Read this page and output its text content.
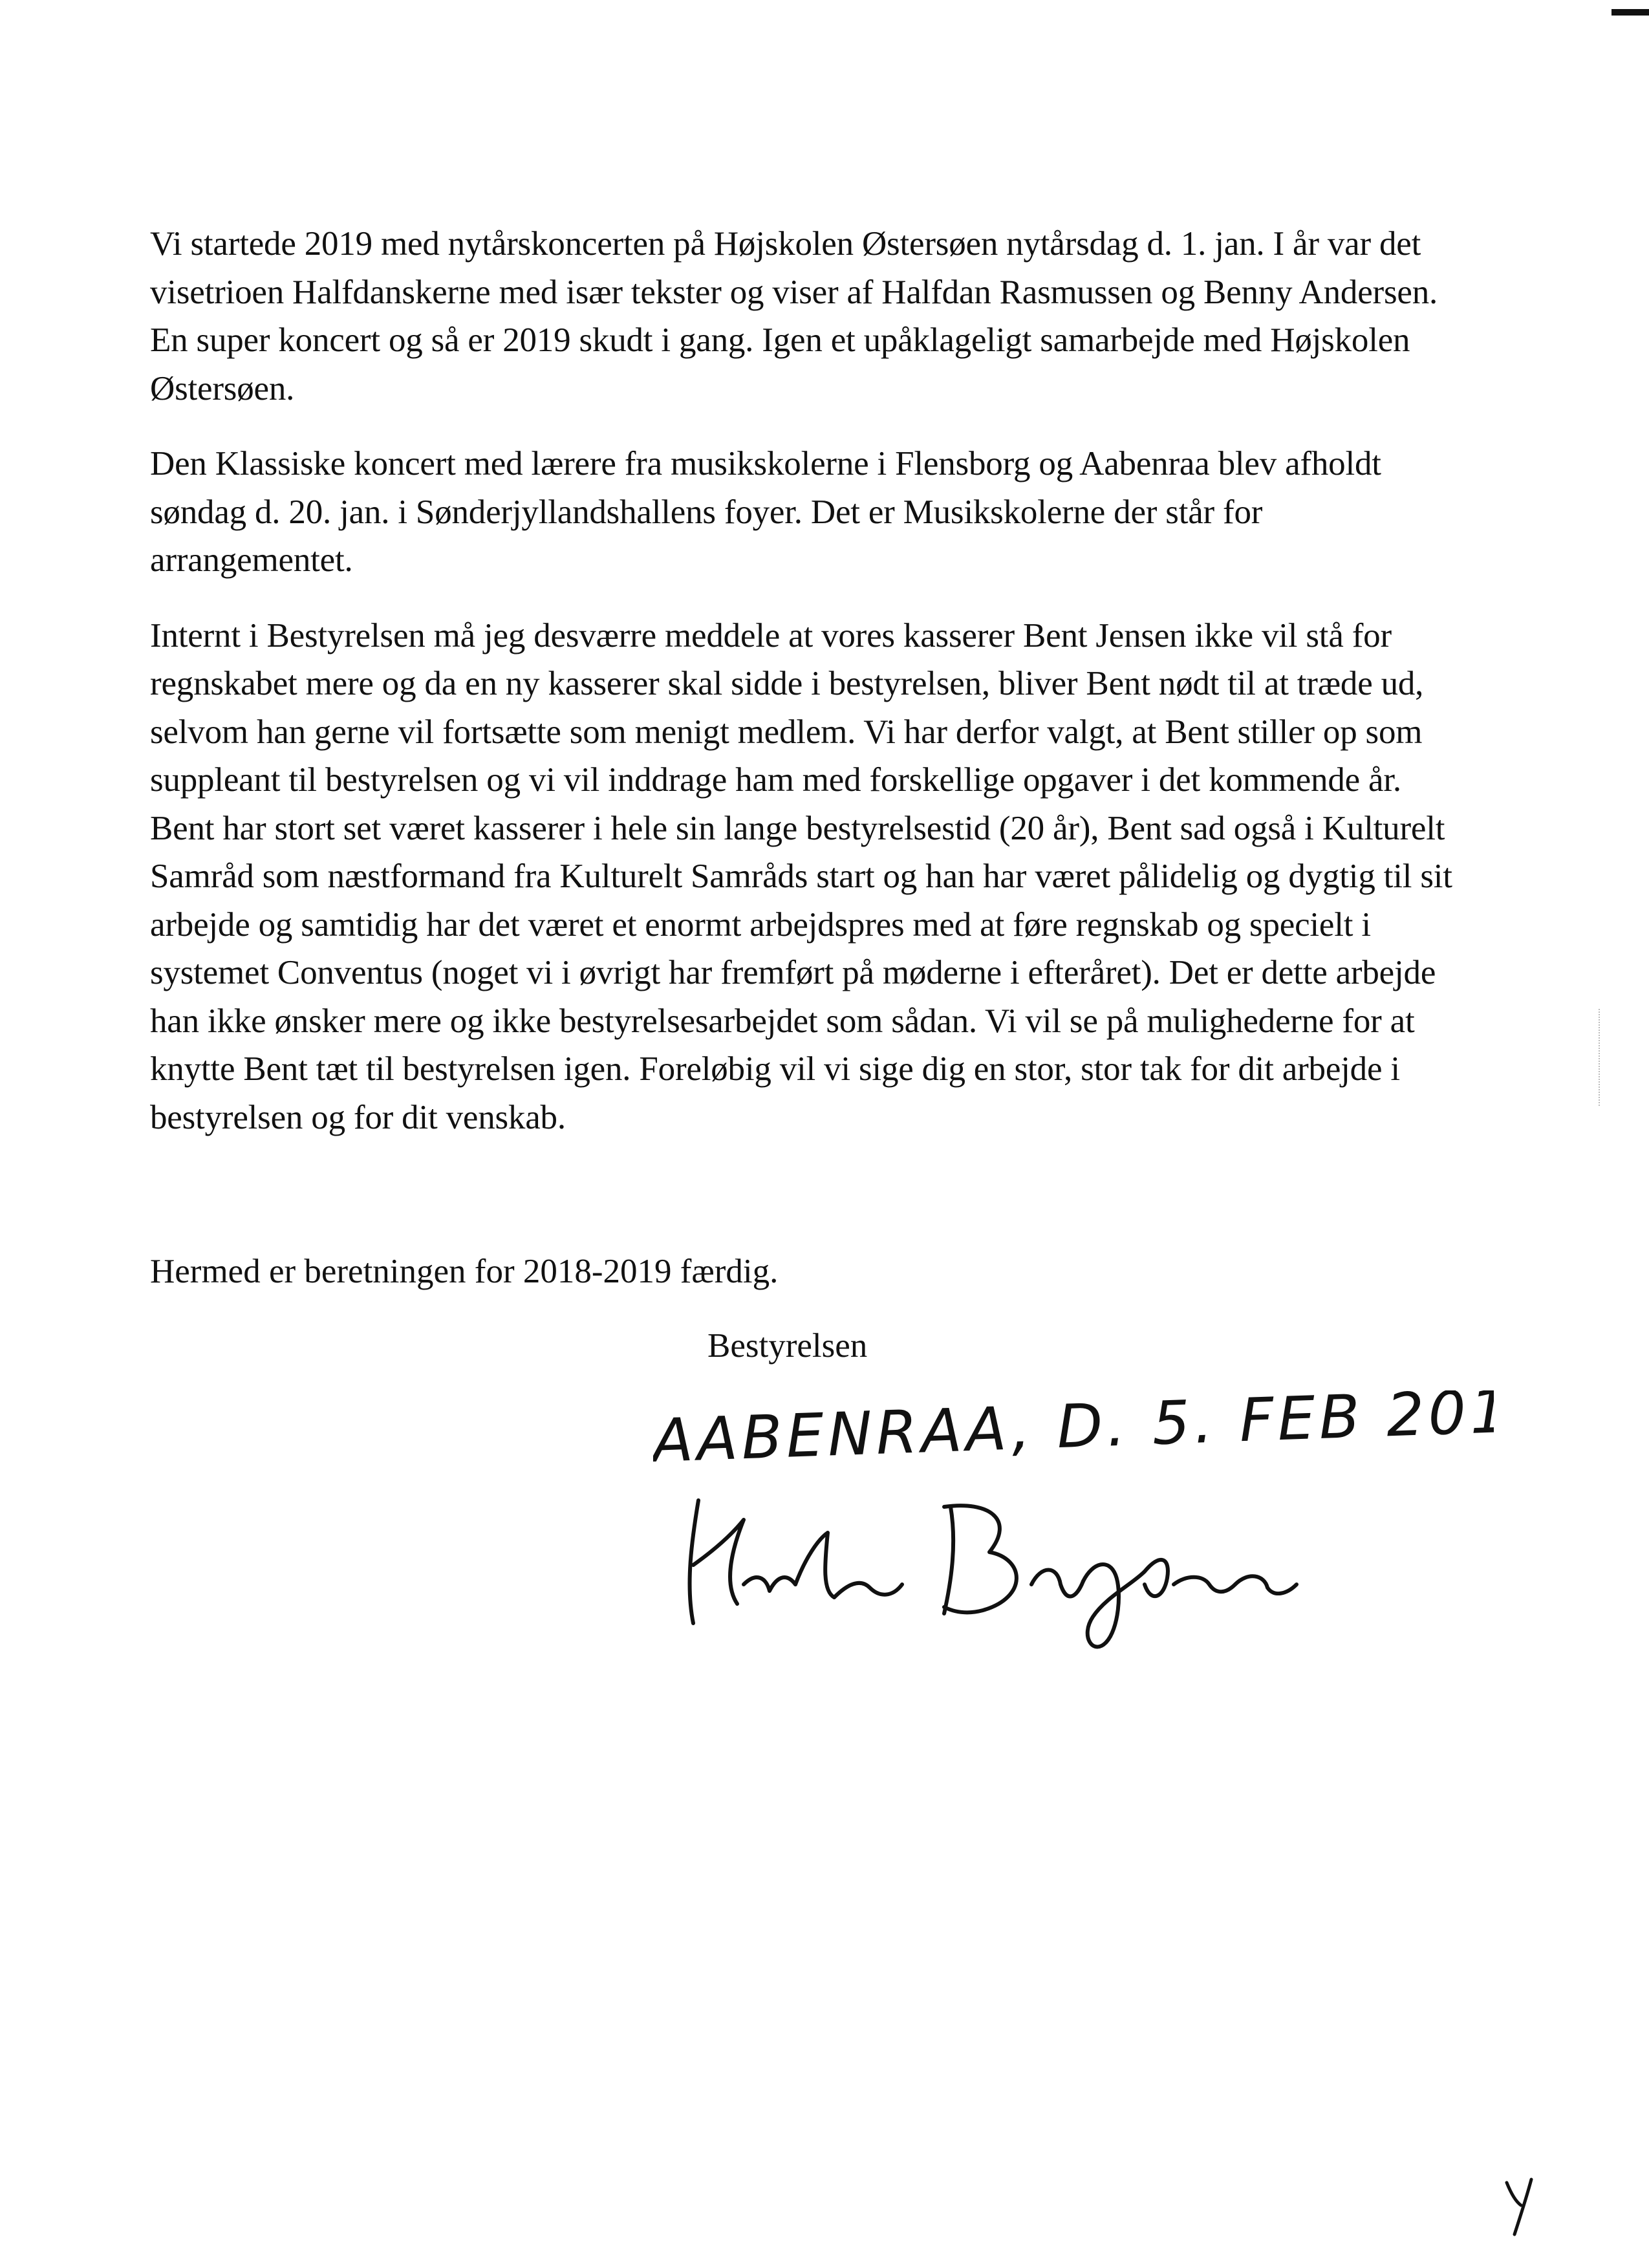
Vi startede 2019 med nytårskoncerten på Højskolen Østersøen nytårsdag d. 1. jan. I år var det visetrioen Halfdanskerne med især tekster og viser af Halfdan Rasmussen og Benny Andersen. En super koncert og så er 2019 skudt i gang. Igen et upåklageligt samarbejde med Højskolen Østersøen.

Den Klassiske koncert med lærere fra musikskolerne i Flensborg og Aabenraa blev afholdt søndag d. 20. jan. i Sønderjyllandshallens foyer. Det er Musikskolerne der står for arrangementet.

Internt i Bestyrelsen må jeg desværre meddele at vores kasserer Bent Jensen ikke vil stå for regnskabet mere og da en ny kasserer skal sidde i bestyrelsen, bliver Bent nødt til at træde ud, selvom han gerne vil fortsætte som menigt medlem. Vi har derfor valgt, at Bent stiller op som suppleant til bestyrelsen og vi vil inddrage ham med forskellige opgaver i det kommende år. Bent har stort set været kasserer i hele sin lange bestyrelsestid (20 år), Bent sad også i Kulturelt Samråd som næstformand fra Kulturelt Samråds start og han har været pålidelig og dygtig til sit arbejde og samtidig har det været et enormt arbejdspres med at føre regnskab og specielt i systemet Conventus (noget vi i øvrigt har fremført på møderne i efteråret). Det er dette arbejde han ikke ønsker mere og ikke bestyrelsesarbejdet som sådan. Vi vil se på mulighederne for at knytte Bent tæt til bestyrelsen igen. Foreløbig vil vi sige dig en stor, stor tak for dit arbejde i bestyrelsen og for dit venskab.

Hermed er beretningen for 2018-2019 færdig.
Bestyrelsen
AABENRAA, D. 5. FEB 2019
